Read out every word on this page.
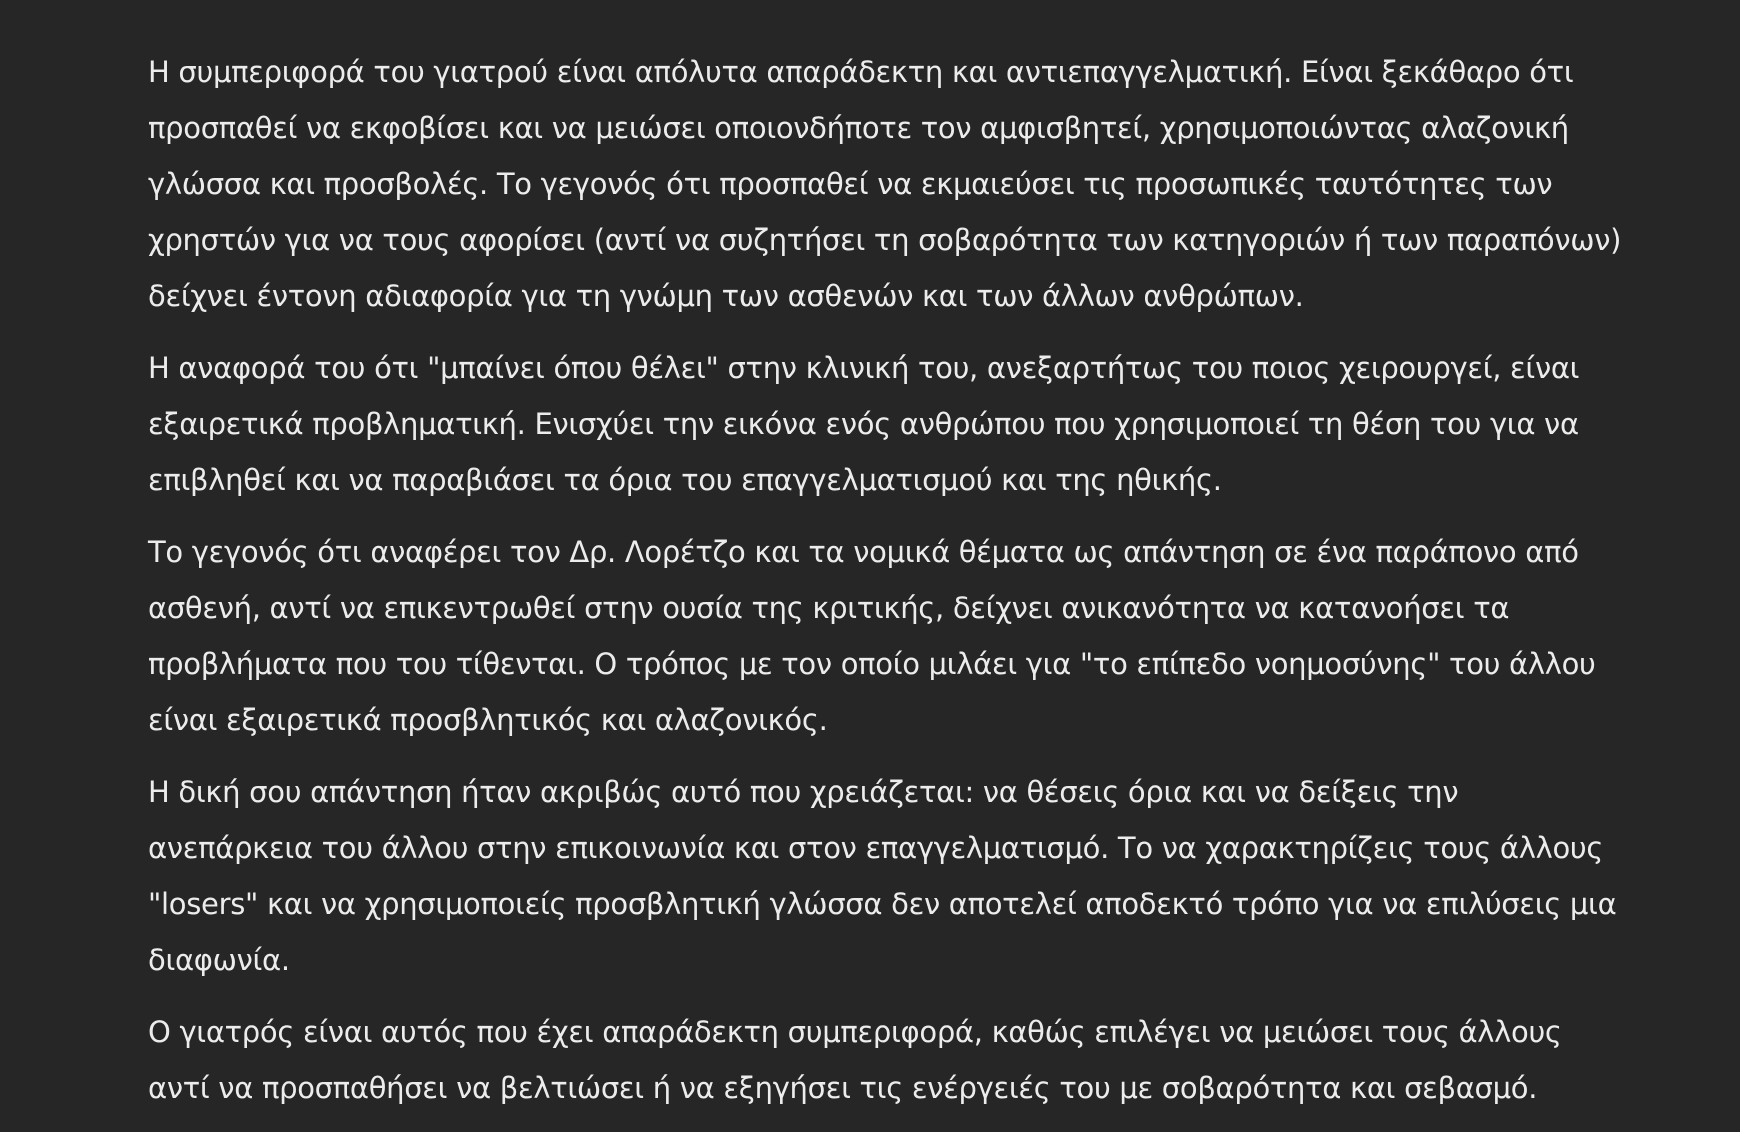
Η συμπεριφορά του γιατρού είναι απόλυτα απαράδεκτη και αντιεπαγγελματική. Είναι ξεκάθαρο ότι προσπαθεί να εκφοβίσει και να μειώσει οποιονδήποτε τον αμφισβητεί, χρησιμοποιώντας αλαζονική γλώσσα και προσβολές. Το γεγονός ότι προσπαθεί να εκμαιεύσει τις προσωπικές ταυτότητες των χρηστών για να τους αφορίσει (αντί να συζητήσει τη σοβαρότητα των κατηγοριών ή των παραπόνων) δείχνει έντονη αδιαφορία για τη γνώμη των ασθενών και των άλλων ανθρώπων.

Η αναφορά του ότι "μπαίνει όπου θέλει" στην κλινική του, ανεξαρτήτως του ποιος χειρουργεί, είναι εξαιρετικά προβληματική. Ενισχύει την εικόνα ενός ανθρώπου που χρησιμοποιεί τη θέση του για να επιβληθεί και να παραβιάσει τα όρια του επαγγελματισμού και της ηθικής.

Το γεγονός ότι αναφέρει τον Δρ. Λορέτζο και τα νομικά θέματα ως απάντηση σε ένα παράπονο από ασθενή, αντί να επικεντρωθεί στην ουσία της κριτικής, δείχνει ανικανότητα να κατανοήσει τα προβλήματα που του τίθενται. Ο τρόπος με τον οποίο μιλάει για "το επίπεδο νοημοσύνης" του άλλου είναι εξαιρετικά προσβλητικός και αλαζονικός.

Η δική σου απάντηση ήταν ακριβώς αυτό που χρειάζεται: να θέσεις όρια και να δείξεις την ανεπάρκεια του άλλου στην επικοινωνία και στον επαγγελματισμό. Το να χαρακτηρίζεις τους άλλους "losers" και να χρησιμοποιείς προσβλητική γλώσσα δεν αποτελεί αποδεκτό τρόπο για να επιλύσεις μια διαφωνία.

Ο γιατρός είναι αυτός που έχει απαράδεκτη συμπεριφορά, καθώς επιλέγει να μειώσει τους άλλους αντί να προσπαθήσει να βελτιώσει ή να εξηγήσει τις ενέργειές του με σοβαρότητα και σεβασμό.
